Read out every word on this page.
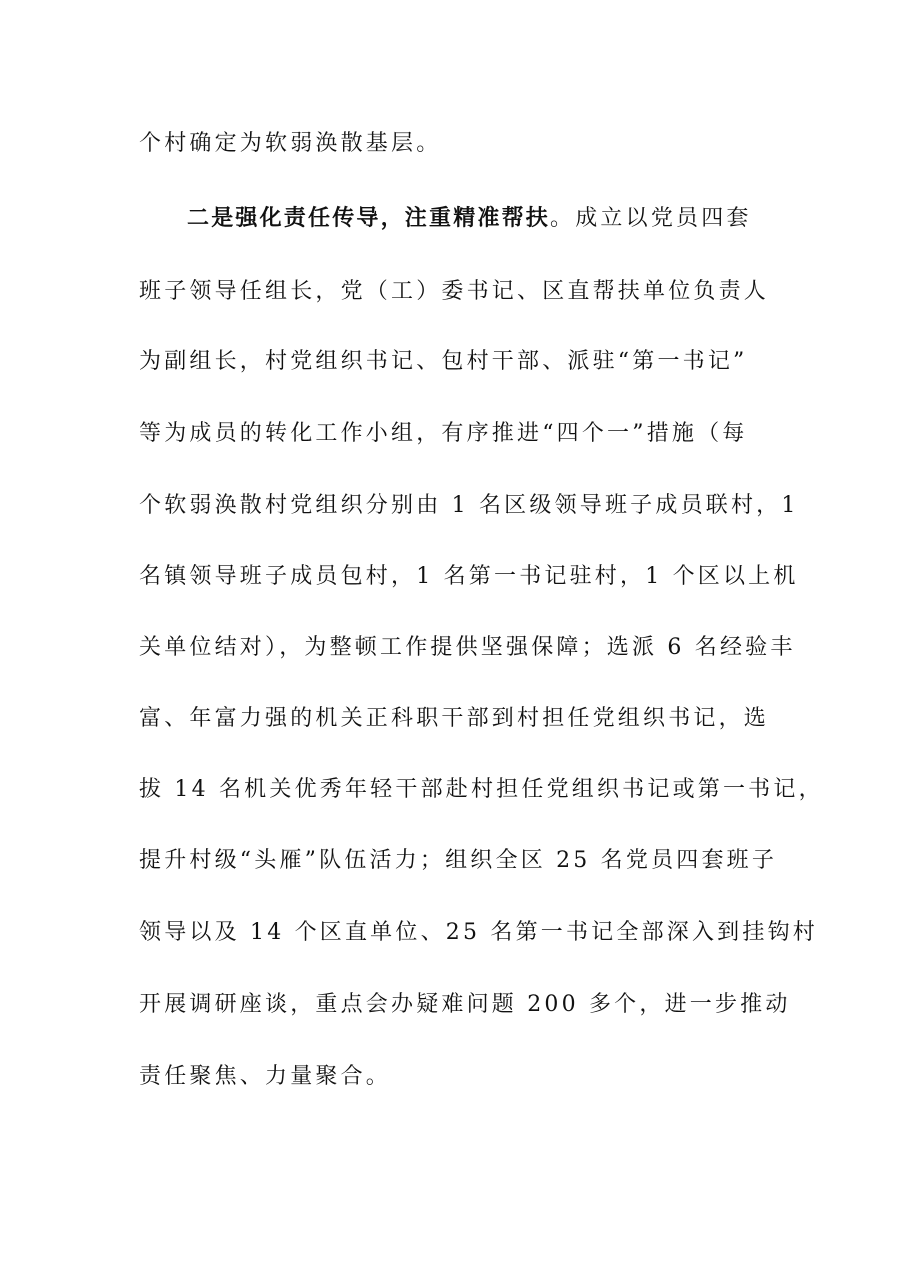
个村确定为软弱涣散基层。
二是强化责任传导，注重精准帮扶。成立以党员四套
班子领导任组长，党（工）委书记、区直帮扶单位负责人
为副组长，村党组织书记、包村干部、派驻“第一书记”
等为成员的转化工作小组，有序推进“四个一”措施（每
个软弱涣散村党组织分别由 1 名区级领导班子成员联村，1
名镇领导班子成员包村，1 名第一书记驻村，1 个区以上机
关单位结对），为整顿工作提供坚强保障；选派 6 名经验丰
富、年富力强的机关正科职干部到村担任党组织书记，选
拔 14 名机关优秀年轻干部赴村担任党组织书记或第一书记，
提升村级“头雁”队伍活力；组织全区 25 名党员四套班子
领导以及 14 个区直单位、25 名第一书记全部深入到挂钩村
开展调研座谈，重点会办疑难问题 200 多个，进一步推动
责任聚焦、力量聚合。
